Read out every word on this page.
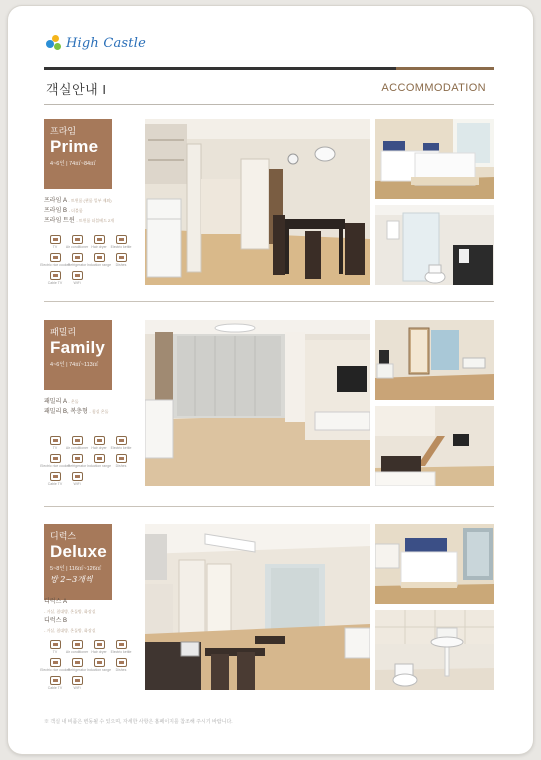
High Castle
객실안내 I	ACCOMMODATION
프라임
Prime
4~6인 | 74㎡~84㎡
프라임 A - 트윈룸 (퀸룸 일부 제외)
프라임 B - 더블룸
프라임 트윈 - 트윈룸 더블베드 2개
TV Air conditioner Hair dryer Electric kettle
Electric rice cooker
Refrigerator Induction range Dishes
Cable TV	WiFi
패밀리
Family
4~6인 | 74㎡~113㎡
패밀리 A - 온돌
패밀리 B, 복층형 - 침실 온돌
TV Air conditioner Hair dryer Electric kettle
Electric rice cooker
Refrigerator Induction range Dishes
Cable TV	WiFi
디럭스
Deluxe
5~8인 | 116㎡~126㎡
방 2~3개씩
디럭스 A
- 거실, 침대방, 온돌방, 화장실
디럭스 B
- 거실, 침대방, 온돌방, 화장실
TV Air conditioner Hair dryer Electric kettle
Electric rice cooker
Refrigerator Induction range Dishes
Cable TV	WiFi
※ 객실 내 비품은 변동될 수 있으며, 자세한 사항은 홈페이지를 참조해 주시기 바랍니다.
